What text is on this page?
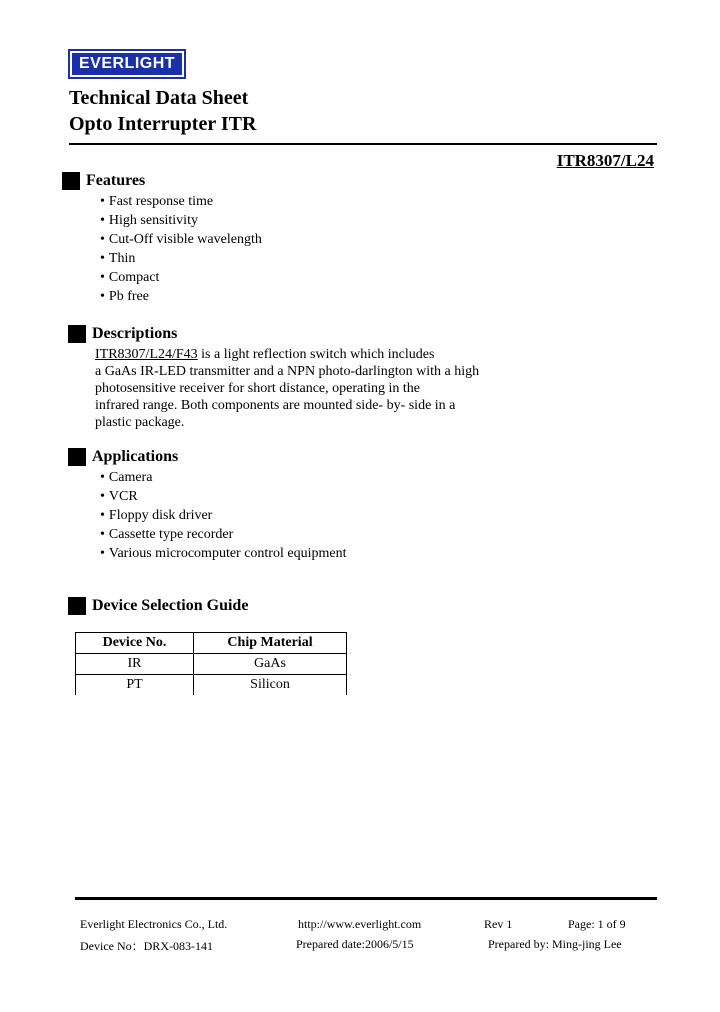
EVERLIGHT
Technical Data Sheet
Opto Interrupter ITR
ITR8307/L24
Features
• Fast response time
• High sensitivity
• Cut-Off visible wavelength
• Thin
• Compact
• Pb free
Descriptions
ITR8307/L24/F43 is a light reflection switch which includes
a GaAs IR-LED transmitter and a NPN photo-darlington with a high
photosensitive receiver for short distance, operating in the
infrared range. Both components are mounted side- by- side in a
plastic package.
Applications
• Camera
• VCR
• Floppy disk driver
• Cassette type recorder
• Various microcomputer control equipment
Device Selection Guide
Device No.	Chip Material
IR	GaAs
PT	Silicon
Everlight Electronics Co., Ltd.	http://www.everlight.com	Rev 1	Page: 1 of 9
Device No：DRX-083-141	Prepared date:2006/5/15	Prepared by: Ming-jing Lee
